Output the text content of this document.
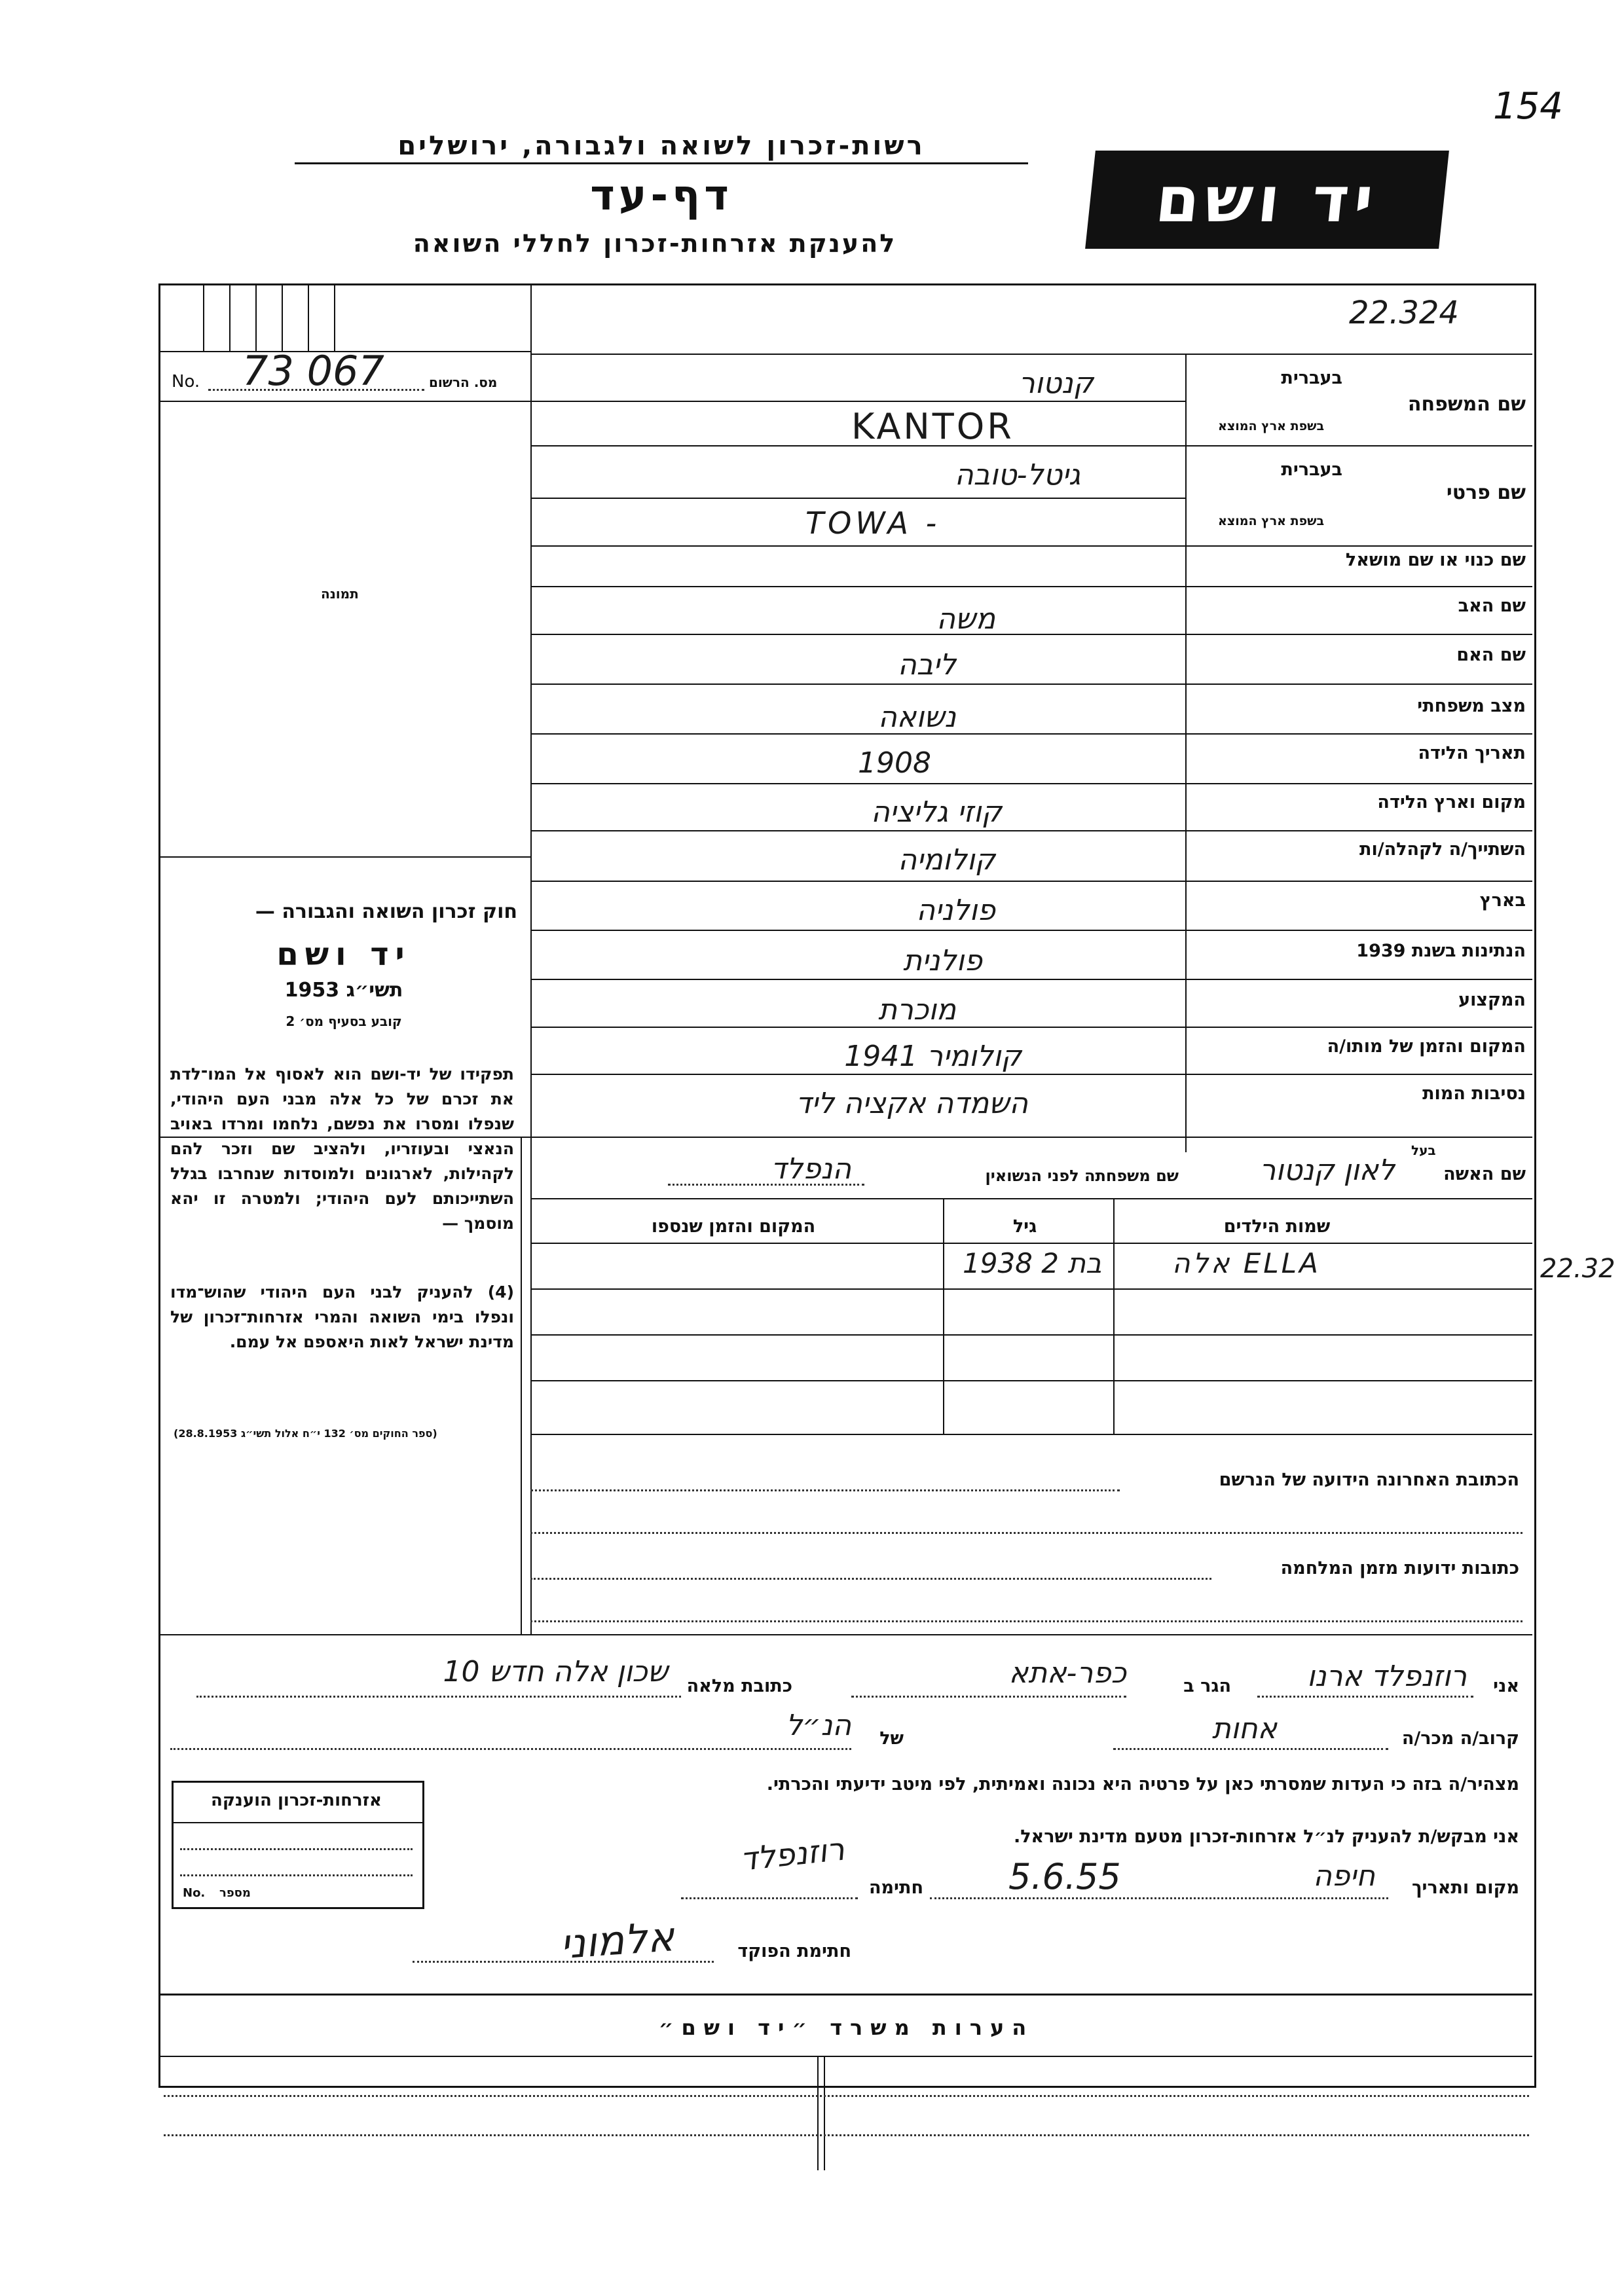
154
רשות-זכרון לשואה ולגבורה, ירושלים
דף-עד
להענקת אזרחות-זכרון לחללי השואה
יד ושם
No. 73 067	מס. הרשום
22.324
תמונה
חוק זכרון השואה והגבורה —
יד ושם
תשי״ג 1953
קובע בסעיף מס׳ 2
תפקידו של יד-ושם הוא לאסוף אל המו־לדת את זכרם של כל אלה מבני העם היהודי, שנפלו ומסרו את נפשם, נלחמו ומרדו באויב הנאצי ובעוזריו, ולהציב שם וזכר להם לקהילות, לארגונים ולמוסדות שנחרבו בגלל השתייכותם לעם היהודי; ולמטרה זו יהא מוסמך —
(4) להעניק לבני העם היהודי שהוש־מדו ונפלו בימי השואה והמרי אזרחות־זכרון של מדינת ישראל לאות היאספם אל עמם.
(ספר החוקים מס׳ 132 י״ח אלול תשי״ג 28.8.1953)
שם המשפחה
בעברית
בשפת ארץ המוצא
קנטור
KANTOR
שם פרטי
בעברית
בשפת ארץ המוצא
גיטל-טובה
TOWA -
שם כנוי או שם מושאל
שם האב
משה
שם האם
ליבה
מצב משפחתי
נשואה
תאריך הלידה
1908
מקום וארץ הלידה
קוזי גליציה
השתייך/ה לקהלה/ות
קולומיה
בארץ
פולניה
הנתינות בשנת 1939
פולנית
המקצוע
מוכרת
המקום והזמן של מותו/ה
קולומיר 1941
נסיבות המות
השמדה אקציה ליד
שם האשה
בעל
לאון קנטור
שם משפחתה לפני הנשואין
הנפלד
שמות הילדים
גיל
המקום והזמן שנספו
אלה ELLA
בת 2 1938	22.32
הכתובת האחרונה הידועה של הנרשם
כתובות ידועות מזמן המלחמה
אני
רוזנפלד ארנו
הגר ב
כפר-אתא
כתובת מלאה
שכון אלה חדש 10
קרוב/ה מכר/ה
אחות
של
הנ״ל
מצהיר/ה בזה כי העדות שמסרתי כאן על פרטיה היא נכונה ואמיתית, לפי מיטב ידיעתי והכרתי.
אני מבקש/ת להעניק לנ״ל אזרחות-זכרון מטעם מדינת ישראל.
מקום ותאריך
חיפה
5.6.55
חתימה
רוזנפלד
חתימת הפוקד
אלמוני
אזרחות-זכרון הוענקה
No. מספר
הערות משרד ״יד ושם״
